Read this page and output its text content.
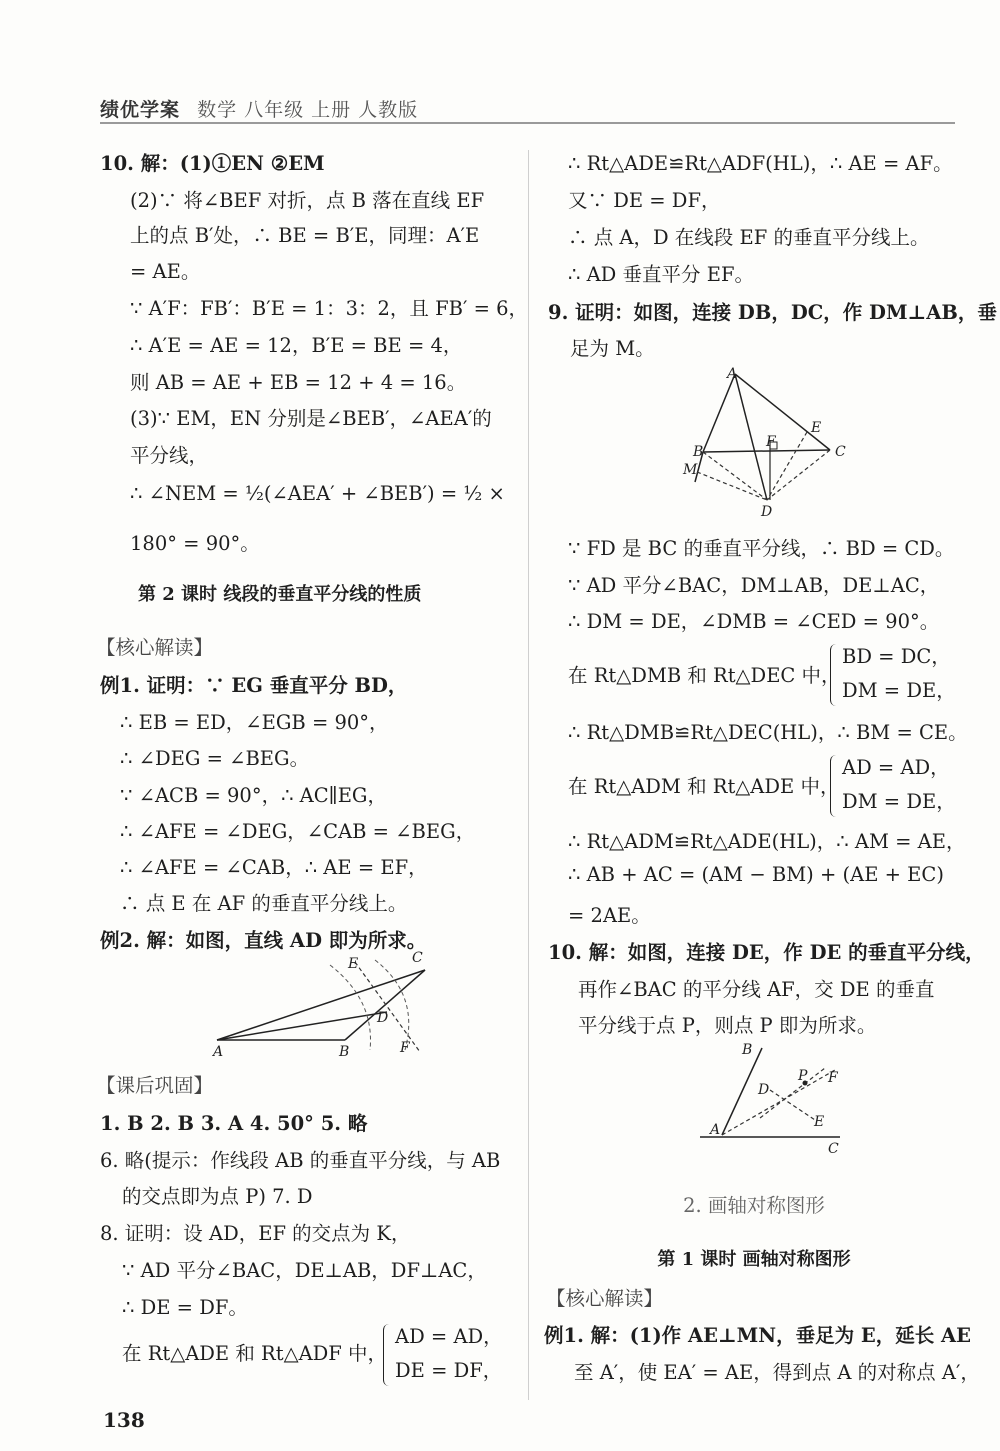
绩优学案 数学 八年级 上册 人教版
10. 解：(1)①EN ②EM
(2)∵ 将∠BEF 对折，点 B 落在直线 EF
上的点 B′处，∴ BE = B′E，同理：A′E
= AE。
∵ A′F：FB′：B′E = 1：3：2，且 FB′ = 6，
∴ A′E = AE = 12，B′E = BE = 4，
则 AB = AE + EB = 12 + 4 = 16。
(3)∵ EM，EN 分别是∠BEB′，∠AEA′的
平分线，
∴ ∠NEM = ½(∠AEA′ + ∠BEB′) = ½ ×
180° = 90°。
第 2 课时 线段的垂直平分线的性质
【核心解读】
例1. 证明：∵ EG 垂直平分 BD，
∴ EB = ED，∠EGB = 90°，
∴ ∠DEG = ∠BEG。
∵ ∠ACB = 90°，∴ AC∥EG，
∴ ∠AFE = ∠DEG，∠CAB = ∠BEG，
∴ ∠AFE = ∠CAB，∴ AE = EF，
∴ 点 E 在 AF 的垂直平分线上。
例2. 解：如图，直线 AD 即为所求。
【课后巩固】
1. B 2. B 3. A 4. 50° 5. 略
6. 略(提示：作线段 AB 的垂直平分线，与 AB
的交点即为点 P) 7. D
8. 证明：设 AD，EF 的交点为 K，
∵ AD 平分∠BAC，DE⊥AB，DF⊥AC，
∴ DE = DF。
在 Rt△ADE 和 Rt△ADF 中，
AD = AD，
DE = DF，
E	C
D
A	B	F
∴ Rt△ADE≌Rt△ADF(HL)，∴ AE = AF。
又∵ DE = DF，
∴ 点 A，D 在线段 EF 的垂直平分线上。
∴ AD 垂直平分 EF。
9. 证明：如图，连接 DB，DC，作 DM⊥AB，垂
足为 M。
∵ FD 是 BC 的垂直平分线，∴ BD = CD。
∵ AD 平分∠BAC，DM⊥AB，DE⊥AC，
∴ DM = DE，∠DMB = ∠CED = 90°。
在 Rt△DMB 和 Rt△DEC 中，
BD = DC，
DM = DE，
∴ Rt△DMB≌Rt△DEC(HL)，∴ BM = CE。
在 Rt△ADM 和 Rt△ADE 中，
AD = AD，
DM = DE，
∴ Rt△ADM≌Rt△ADE(HL)，∴ AM = AE，
∴ AB + AC = (AM − BM) + (AE + EC)
= 2AE。
10. 解：如图，连接 DE，作 DE 的垂直平分线，
再作∠BAC 的平分线 AF，交 DE 的垂直
平分线于点 P，则点 P 即为所求。
2. 画轴对称图形
第 1 课时 画轴对称图形
【核心解读】
例1. 解：(1)作 AE⊥MN，垂足为 E，延长 AE
至 A′，使 EA′ = AE，得到点 A 的对称点 A′，
A
E
B
F
C
M
D
B
D
P F
E
A
C
138
